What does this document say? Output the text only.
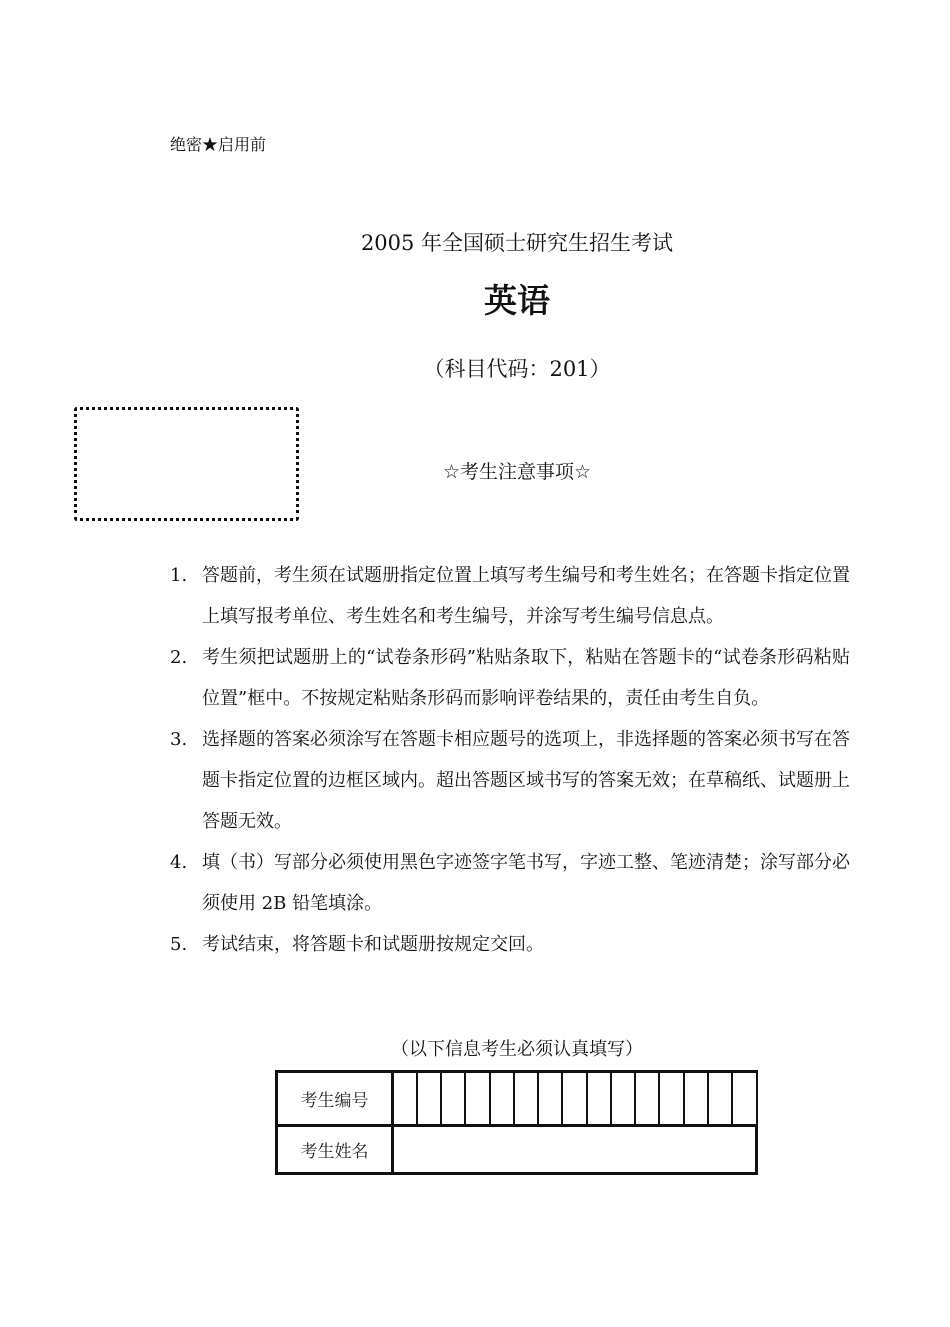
绝密★启用前
2005 年全国硕士研究生招生考试
英语
（科目代码：201）
☆考生注意事项☆
1. 答题前，考生须在试题册指定位置上填写考生编号和考生姓名；在答题卡指定位置上填写报考单位、考生姓名和考生编号，并涂写考生编号信息点。
2. 考生须把试题册上的“试卷条形码”粘贴条取下，粘贴在答题卡的“试卷条形码粘贴位置”框中。不按规定粘贴条形码而影响评卷结果的，责任由考生自负。
3. 选择题的答案必须涂写在答题卡相应题号的选项上，非选择题的答案必须书写在答题卡指定位置的边框区域内。超出答题区域书写的答案无效；在草稿纸、试题册上答题无效。
4. 填（书）写部分必须使用黑色字迹签字笔书写，字迹工整、笔迹清楚；涂写部分必须使用 2B 铅笔填涂。
5. 考试结束，将答题卡和试题册按规定交回。
（以下信息考生必须认真填写）
考生编号															
考生姓名															
